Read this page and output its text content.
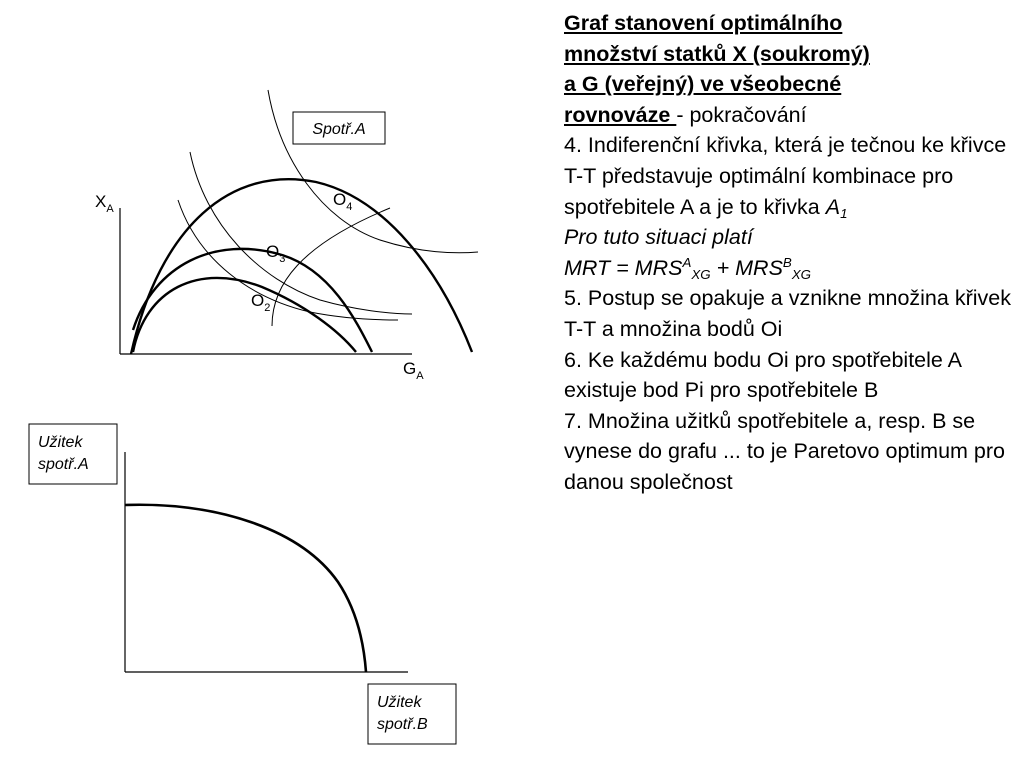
Spotř.A
$X_A$
$G_A$
$O_4$
$O_3$
$O_2$
Užitek spotř.A
Užitek spotř.B

Graf stanovení optimálního
množství statků X (soukromý)
a G (veřejný) ve všeobecné
rovnováze - pokračování

4. Indiferenční křivka, která je tečnou ke křivce T-T představuje optimální kombinace pro spotřebitele A a je to křivka $A_1$

Pro tuto situaci platí

MRT = $MRS^A_{XG} + MRS^B_{XG}$

5. Postup se opakuje a vznikne množina křivek T-T a množina bodů Oi

6. Ke každému bodu Oi pro spotřebitele A existuje bod Pi pro spotřebitele B

7. Množina užitků spotřebitele a, resp. B se vynese do grafu ... to je Paretovo optimum pro danou společnost
